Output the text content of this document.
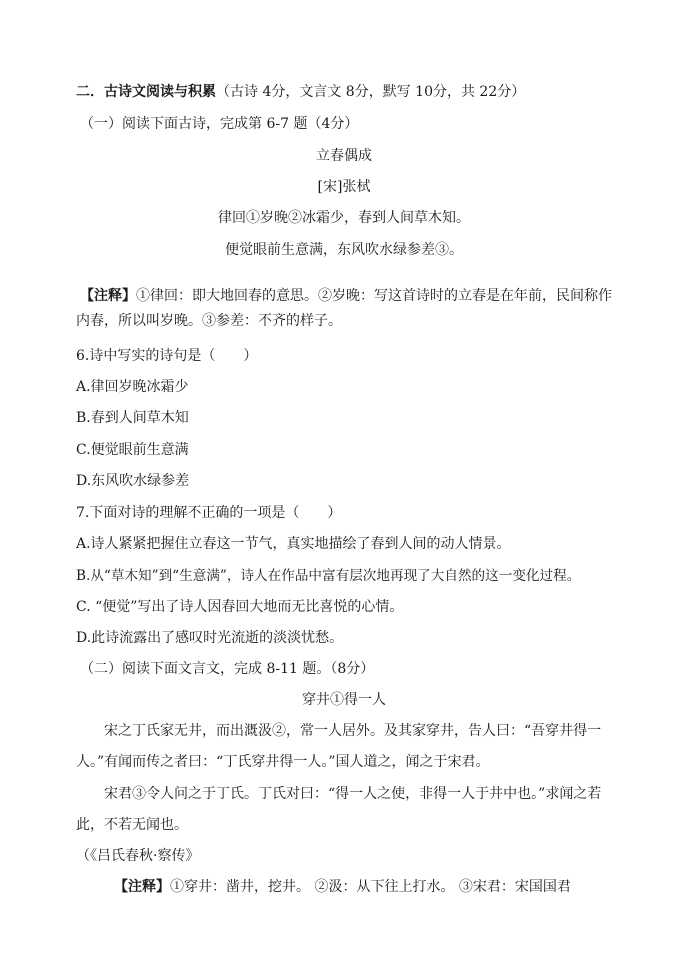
二．古诗文阅读与积累（古诗 4分，文言文 8分，默写 10分，共 22分）
（一）阅读下面古诗，完成第 6-7 题（4分）
立春偶成
[宋]张栻
律回①岁晚②冰霜少，春到人间草木知。
便觉眼前生意满，东风吹水绿参差③。
【注释】①律回：即大地回春的意思。②岁晚：写这首诗时的立春是在年前，民间称作
内春，所以叫岁晚。③参差：不齐的样子。
6.诗中写实的诗句是（　　）
A.律回岁晚冰霜少
B.春到人间草木知
C.便觉眼前生意满
D.东风吹水绿参差
7.下面对诗的理解不正确的一项是（　　）
A.诗人紧紧把握住立春这一节气，真实地描绘了春到人间的动人情景。
B.从“草木知”到“生意满”，诗人在作品中富有层次地再现了大自然的这一变化过程。
C. “便觉”写出了诗人因春回大地而无比喜悦的心情。
D.此诗流露出了感叹时光流逝的淡淡忧愁。
（二）阅读下面文言文，完成 8-11 题。（8分）
穿井①得一人
宋之丁氏家无井，而出溉汲②，常一人居外。及其家穿井，告人曰：“吾穿井得一
人。”有闻而传之者曰：“丁氏穿井得一人。”国人道之，闻之于宋君。
宋君③令人问之于丁氏。丁氏对曰：“得一人之使，非得一人于井中也。”求闻之若
此，不若无闻也。
（《吕氏春秋·察传》
【注释】①穿井：凿井，挖井。 ②汲：从下往上打水。 ③宋君：宋国国君
